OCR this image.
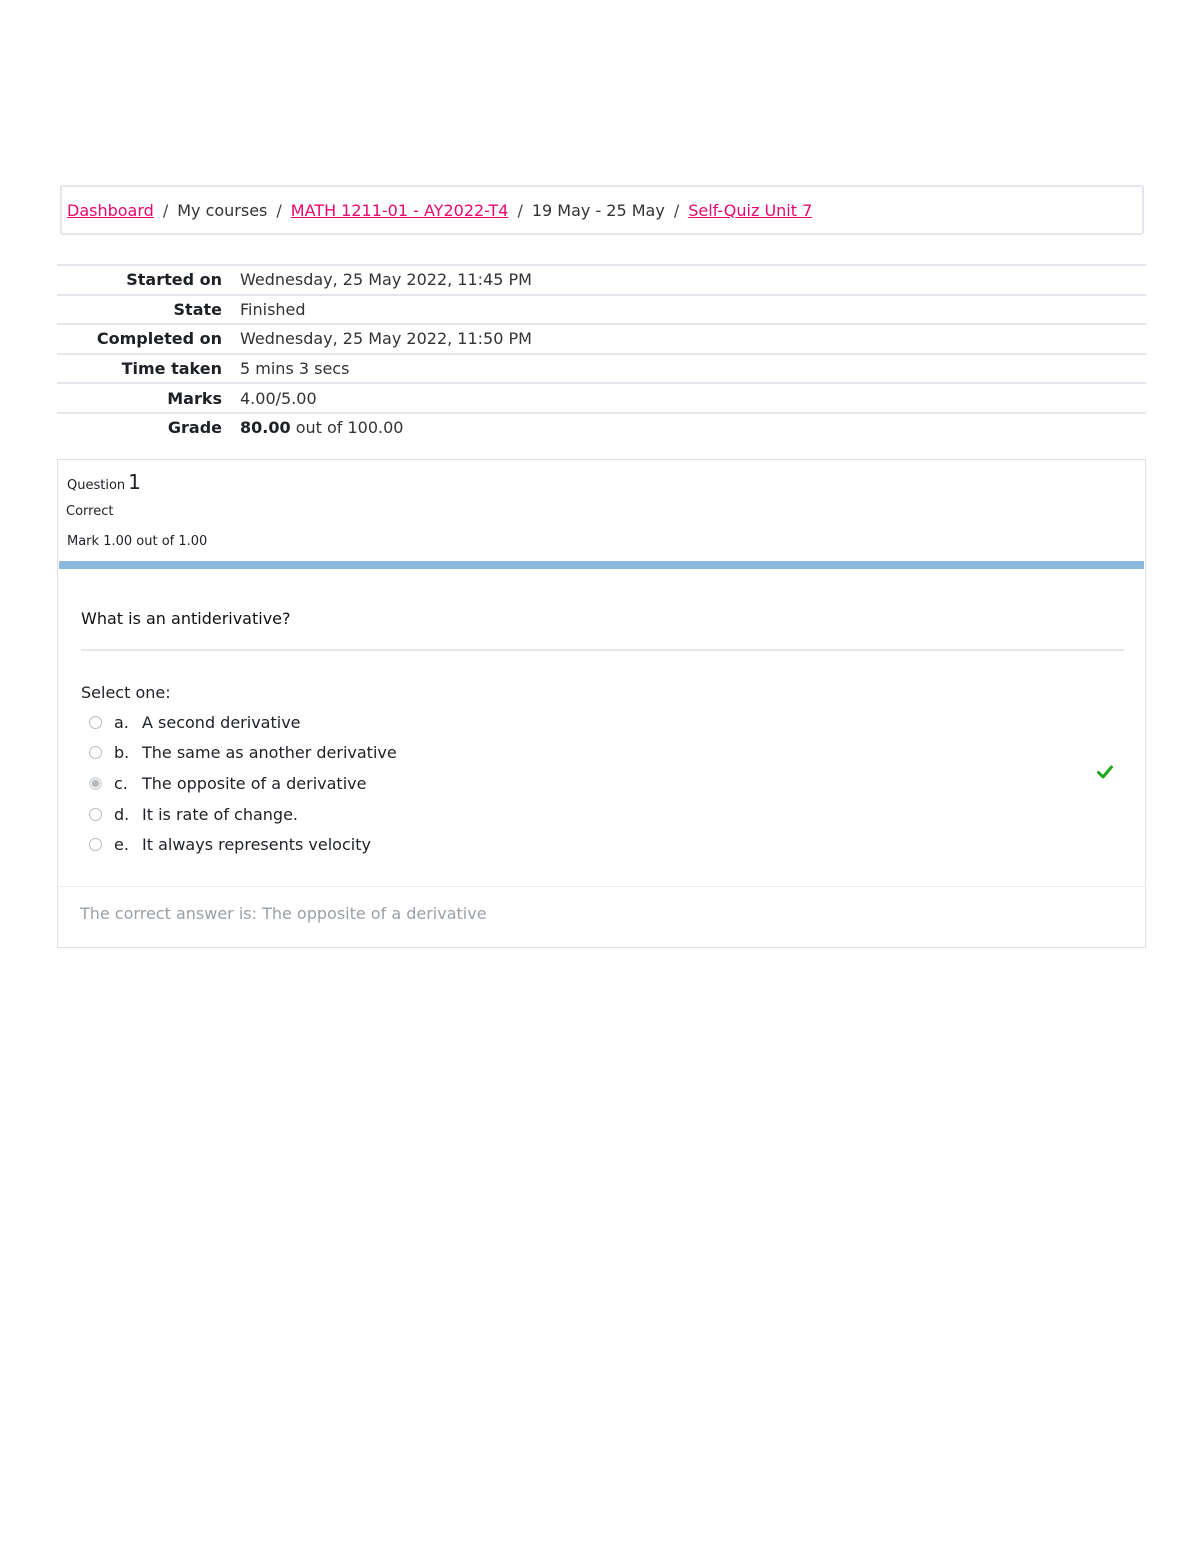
Dashboard / My courses / MATH 1211-01 - AY2022-T4 / 19 May - 25 May / Self-Quiz Unit 7
Started on	Wednesday, 25 May 2022, 11:45 PM
State	Finished
Completed on	Wednesday, 25 May 2022, 11:50 PM
Time taken	5 mins 3 secs
Marks	4.00/5.00
Grade	80.00 out of 100.00
Question 1
Correct
Mark 1.00 out of 1.00
What is an antiderivative?
Select one:
a. A second derivative
b. The same as another derivative
c. The opposite of a derivative
d. It is rate of change.
e. It always represents velocity
The correct answer is: The opposite of a derivative
